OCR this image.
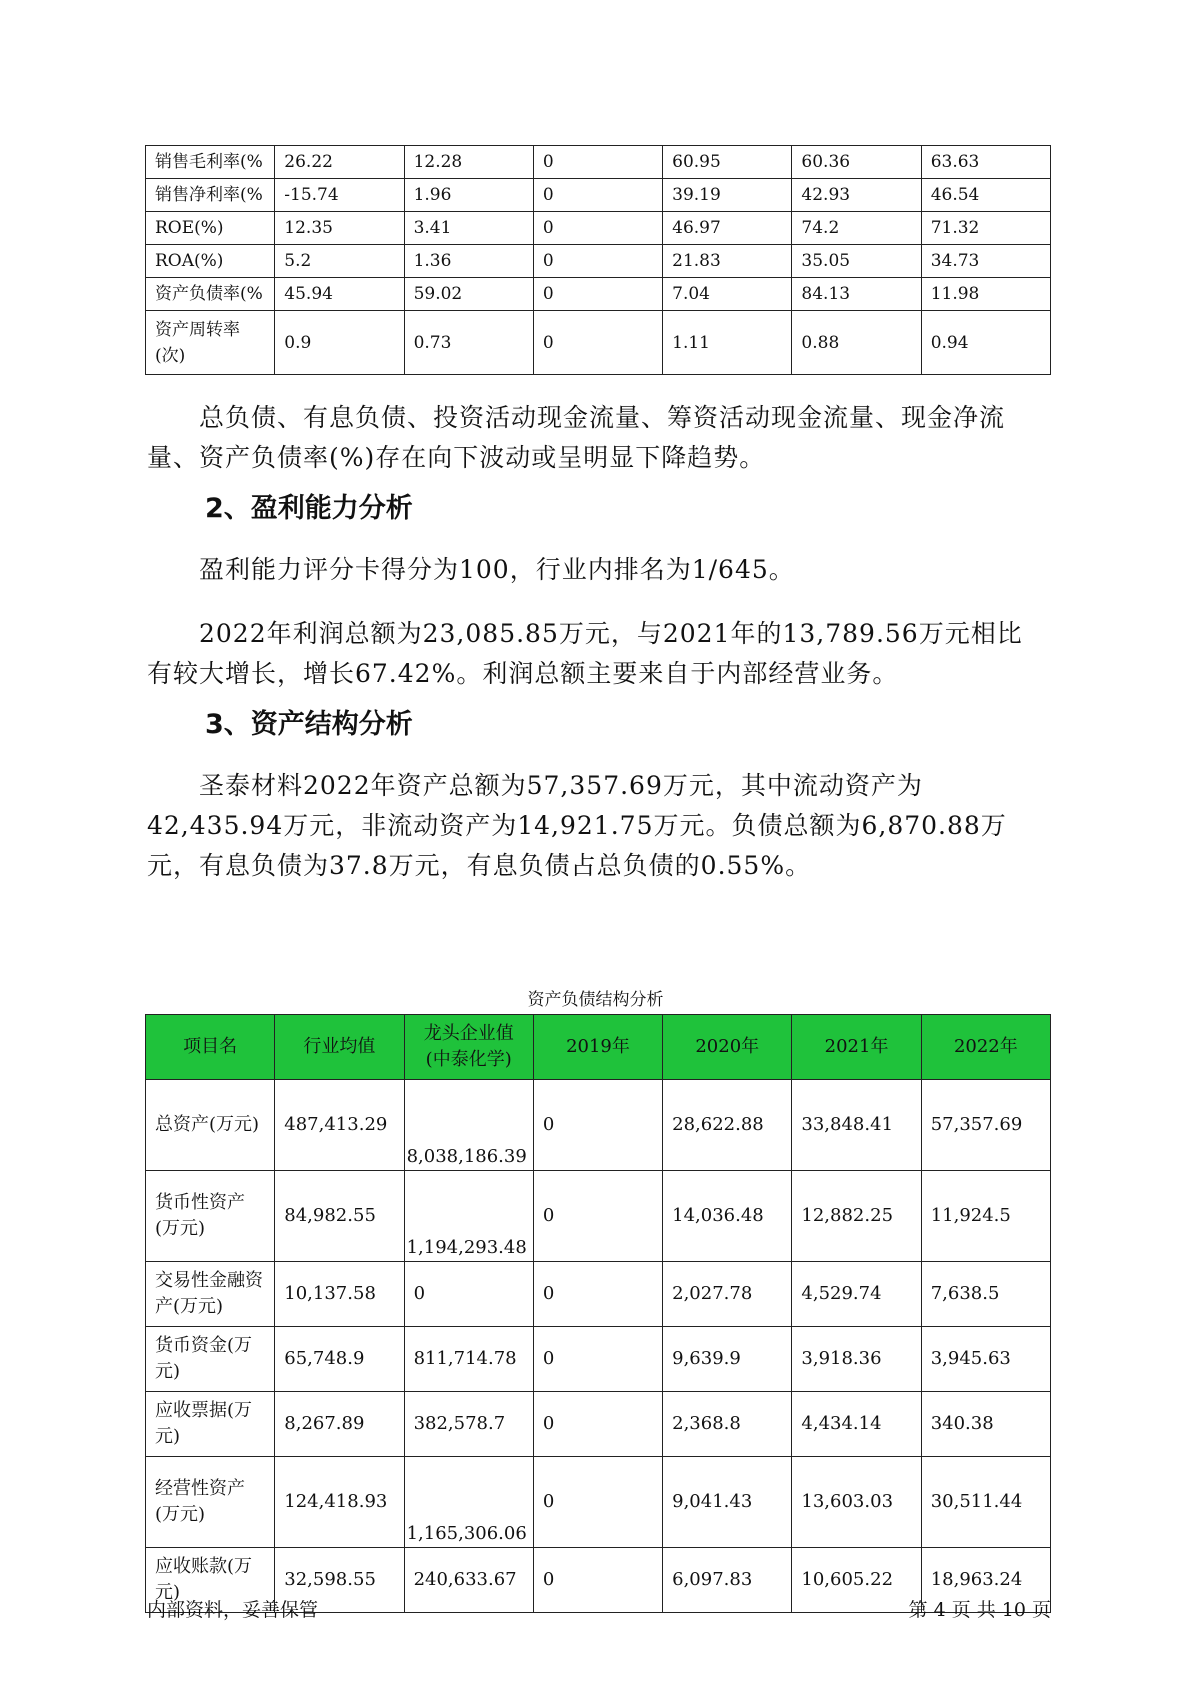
销售毛利率(%	26.22	12.28	0	60.95	60.36	63.63
销售净利率(%	-15.74	1.96	0	39.19	42.93	46.54
ROE(%)	12.35	3.41	0	46.97	74.2	71.32
ROA(%)	5.2	1.36	0	21.83	35.05	34.73
资产负债率(%	45.94	59.02	0	7.04	84.13	11.98
资产周转率(次)	0.9	0.73	0	1.11	0.88	0.94

总负债、有息负债、投资活动现金流量、筹资活动现金流量、现金净流量、资产负债率(%)存在向下波动或呈明显下降趋势。

2、盈利能力分析

盈利能力评分卡得分为100，行业内排名为1/645。

2022年利润总额为23,085.85万元，与2021年的13,789.56万元相比有较大增长，增长67.42%。利润总额主要来自于内部经营业务。

3、资产结构分析

圣泰材料2022年资产总额为57,357.69万元，其中流动资产为42,435.94万元，非流动资产为14,921.75万元。负债总额为6,870.88万元，有息负债为37.8万元，有息负债占总负债的0.55%。

资产负债结构分析
项目名	行业均值	龙头企业值(中泰化学)	2019年	2020年	2021年	2022年
总资产(万元)	487,413.29	8,038,186.39	0	28,622.88	33,848.41	57,357.69
货币性资产(万元)	84,982.55	1,194,293.48	0	14,036.48	12,882.25	11,924.5
交易性金融资产(万元)	10,137.58	0	0	2,027.78	4,529.74	7,638.5
货币资金(万元)	65,748.9	811,714.78	0	9,639.9	3,918.36	3,945.63
应收票据(万元)	8,267.89	382,578.7	0	2,368.8	4,434.14	340.38
经营性资产(万元)	124,418.93	1,165,306.06	0	9,041.43	13,603.03	30,511.44
应收账款(万元)	32,598.55	240,633.67	0	6,097.83	10,605.22	18,963.24
内部资料，妥善保管	第 4 页 共 10 页
